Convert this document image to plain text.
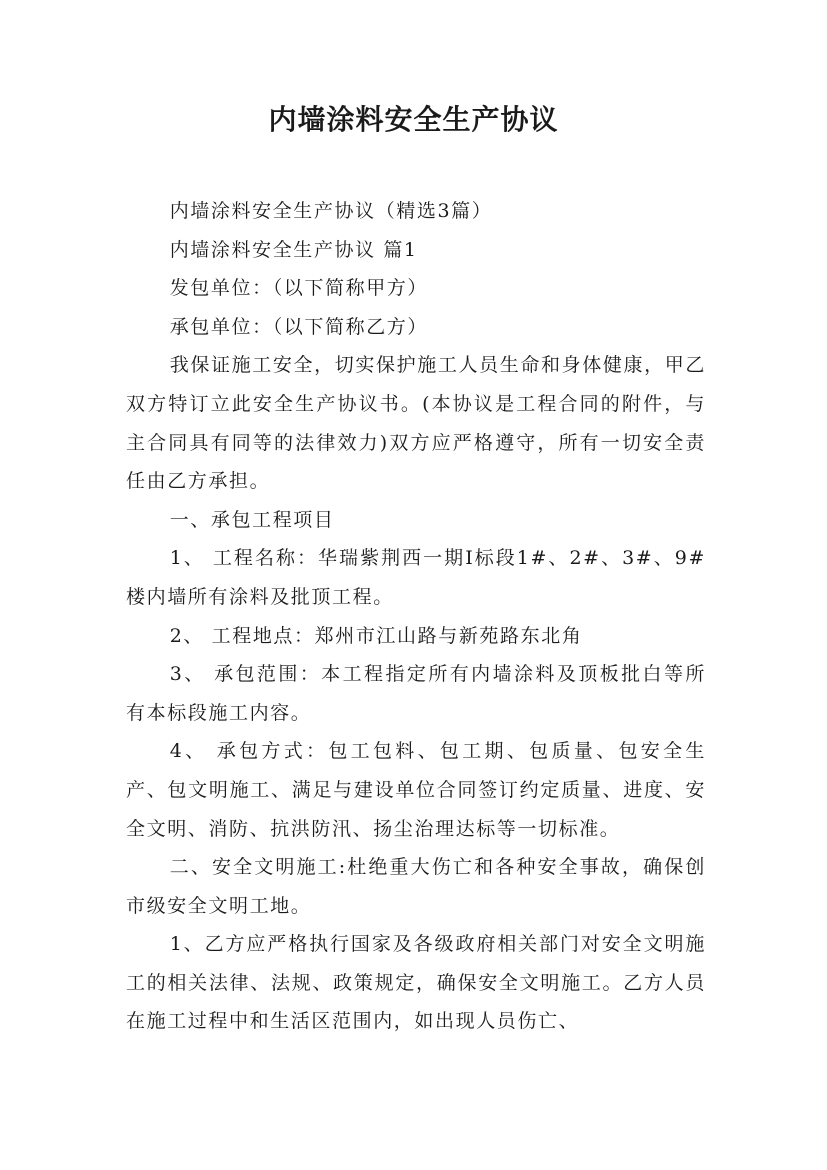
内墙涂料安全生产协议

内墙涂料安全生产协议（精选3篇）

内墙涂料安全生产协议 篇1

发包单位：（以下简称甲方）

承包单位：（以下简称乙方）

我保证施工安全，切实保护施工人员生命和身体健康，甲乙双方特订立此安全生产协议书。(本协议是工程合同的附件，与主合同具有同等的法律效力)双方应严格遵守，所有一切安全责任由乙方承担。

一、承包工程项目

1、 工程名称：华瑞紫荆西一期Ⅰ标段1#、2#、3#、9#楼内墙所有涂料及批顶工程。

2、 工程地点：郑州市江山路与新苑路东北角

3、 承包范围：本工程指定所有内墙涂料及顶板批白等所有本标段施工内容。

4、 承包方式：包工包料、包工期、包质量、包安全生产、包文明施工、满足与建设单位合同签订约定质量、进度、安全文明、消防、抗洪防汛、扬尘治理达标等一切标准。

二、安全文明施工:杜绝重大伤亡和各种安全事故，确保创市级安全文明工地。

1、乙方应严格执行国家及各级政府相关部门对安全文明施工的相关法律、法规、政策规定，确保安全文明施工。乙方人员在施工过程中和生活区范围内，如出现人员伤亡、
